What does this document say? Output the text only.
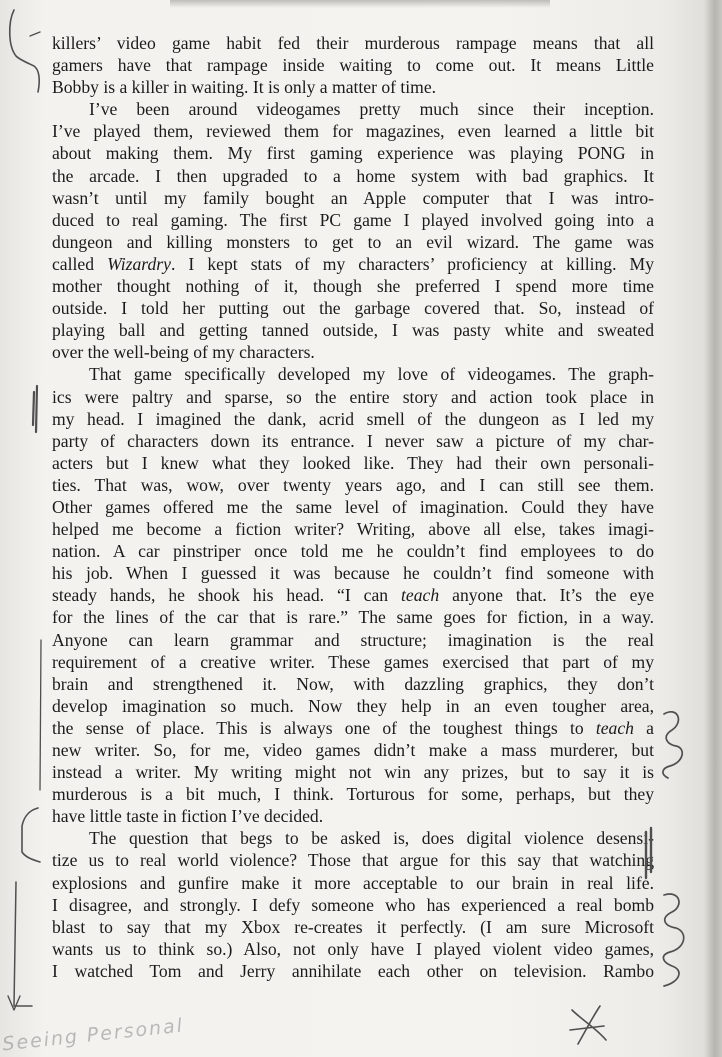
killers’ video game habit fed their murderous rampage means that all
gamers have that rampage inside waiting to come out. It means Little
Bobby is a killer in waiting. It is only a matter of time.
I’ve been around videogames pretty much since their inception.
I’ve played them, reviewed them for magazines, even learned a little bit
about making them. My first gaming experience was playing PONG in
the arcade. I then upgraded to a home system with bad graphics. It
wasn’t until my family bought an Apple computer that I was intro-
duced to real gaming. The first PC game I played involved going into a
dungeon and killing monsters to get to an evil wizard. The game was
called Wizardry. I kept stats of my characters’ proficiency at killing. My
mother thought nothing of it, though she preferred I spend more time
outside. I told her putting out the garbage covered that. So, instead of
playing ball and getting tanned outside, I was pasty white and sweated
over the well-being of my characters.
That game specifically developed my love of videogames. The graph-
ics were paltry and sparse, so the entire story and action took place in
my head. I imagined the dank, acrid smell of the dungeon as I led my
party of characters down its entrance. I never saw a picture of my char-
acters but I knew what they looked like. They had their own personali-
ties. That was, wow, over twenty years ago, and I can still see them.
Other games offered me the same level of imagination. Could they have
helped me become a fiction writer? Writing, above all else, takes imagi-
nation. A car pinstriper once told me he couldn’t find employees to do
his job. When I guessed it was because he couldn’t find someone with
steady hands, he shook his head. “I can teach anyone that. It’s the eye
for the lines of the car that is rare.” The same goes for fiction, in a way.
Anyone can learn grammar and structure; imagination is the real
requirement of a creative writer. These games exercised that part of my
brain and strengthened it. Now, with dazzling graphics, they don’t
develop imagination so much. Now they help in an even tougher area,
the sense of place. This is always one of the toughest things to teach a
new writer. So, for me, video games didn’t make a mass murderer, but
instead a writer. My writing might not win any prizes, but to say it is
murderous is a bit much, I think. Torturous for some, perhaps, but they
have little taste in fiction I’ve decided.
The question that begs to be asked is, does digital violence desensi-
tize us to real world violence? Those that argue for this say that watching
explosions and gunfire make it more acceptable to our brain in real life.
I disagree, and strongly. I defy someone who has experienced a real bomb
blast to say that my Xbox re-creates it perfectly. (I am sure Microsoft
wants us to think so.) Also, not only have I played violent video games,
I watched Tom and Jerry annihilate each other on television. Rambo
Seeing Personal
